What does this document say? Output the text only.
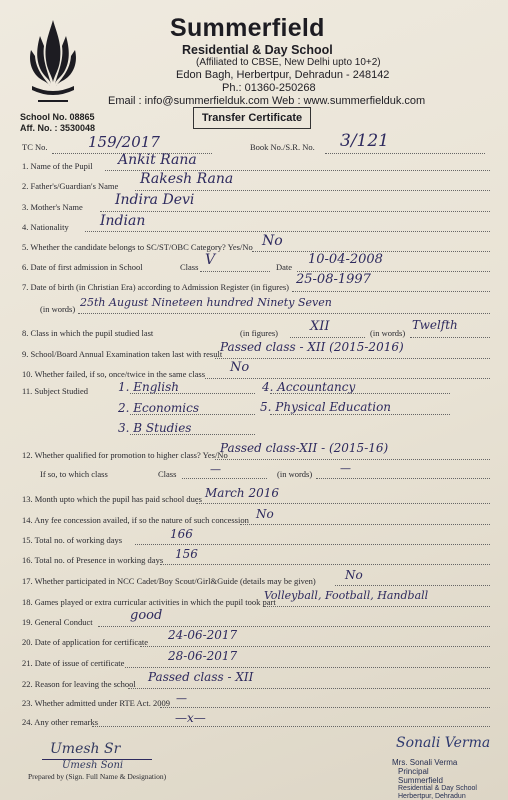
Summerfield
Residential & Day School
(Affiliated to CBSE, New Delhi upto 10+2)
Edon Bagh, Herbertpur, Dehradun - 248142
Ph.: 01360-250268
Email : info@summerfielduk.com Web : www.summerfielduk.com
School No. 08865
Aff. No. : 3530048
Transfer Certificate
TC No.	159/2017	Book No./S.R. No. 3/121
1. Name of the Pupil Ankit Rana
2. Father's/Guardian's Name Rakesh Rana
3. Mother's Name Indira Devi
4. Nationality Indian
5. Whether the candidate belongs to SC/ST/OBC Category? Yes/No No
6. Date of first admission in School	Class V	Date 10-04-2008
7. Date of birth (in Christian Era) according to Admission Register (in figures) 25-08-1997
(in words) 25th August Nineteen hundred Ninety Seven
8. Class in which the pupil studied last	(in figures) XII	(in words)
Twelfth
9. School/Board Annual Examination taken last with result
Passed class - XII (2015-2016)
10. Whether failed, if so, once/twice in the same class No
11. Subject Studied 1. English	4. Accountancy
2. Economics	5. Physical Education
3. B Studies
12. Whether qualified for promotion to higher class? Yes/No
Passed class-XII - (2015-16)
If so, to which class	Class	—	(in words)	—
13. Month upto which the pupil has paid school dues March 2016
14. Any fee concession availed, if so the nature of such concession No
15. Total no. of working days	166
16. Total no. of Presence in working days 156
17. Whether participated in NCC Cadet/Boy Scout/Girl&Guide (details may be given) No
18. Games played or extra curricular activities in which the pupil took part
Volleyball, Football, Handball
19. General Conduct	good
20. Date of application for certificate 24-06-2017
21. Date of issue of certificate	28-06-2017
22. Reason for leaving the school Passed class - XII
23. Whether admitted under RTE Act. 2009 —
24. Any other remarks	—x—
Umesh Sr
Umesh Soni
Prepared by (Sign. Full Name & Designation)
Sonali Verma
Mrs. Sonali Verma
Principal
Summerfield
Residential & Day School
Herbertpur, Dehradun
